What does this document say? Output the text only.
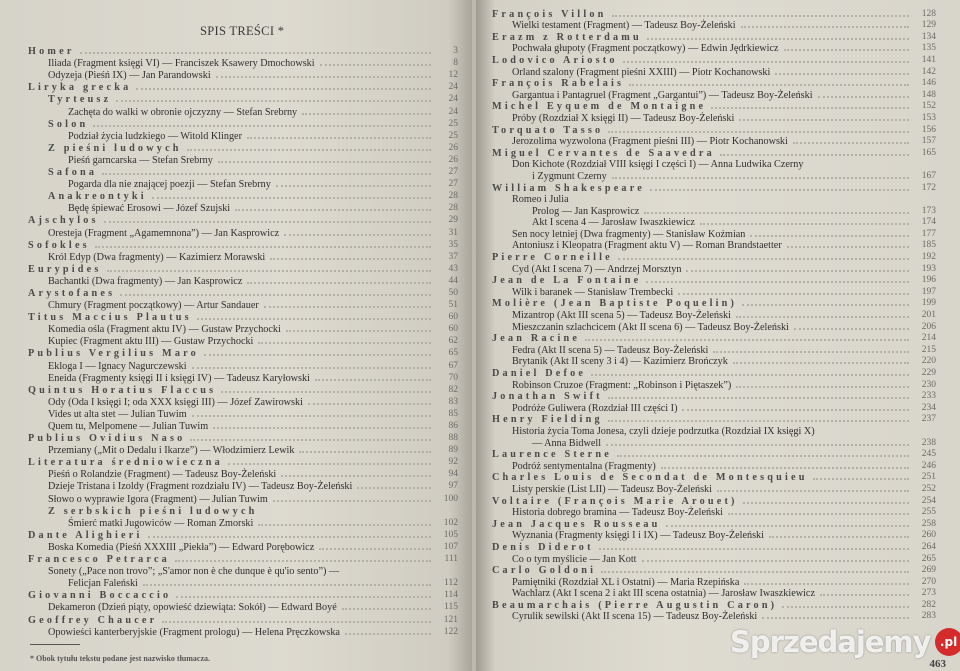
SPIS TREŚCI *
Homer	3
Iliada (Fragment księgi VI) — Franciszek Ksawery Dmochowski	8
Odyzeja (Pieśń IX) — Jan Parandowski	12
Liryka grecka	24
Tyrteusz	24
Zachęta do walki w obronie ojczyzny — Stefan Srebrny	24
Solon	25
Podział życia ludzkiego — Witold Klinger	25
Z pieśni ludowych	26
Pieśń garncarska — Stefan Srebrny	26
Safona	27
Pogarda dla nie znającej poezji — Stefan Srebrny	27
Anakreontyki	28
Będę śpiewać Erosowi — Józef Szujski	28
Ajschylos	29
Oresteja (Fragment „Agamemnona”) — Jan Kasprowicz	31
Sofokles	35
Król Edyp (Dwa fragmenty) — Kazimierz Morawski	37
Eurypides	43
Bachantki (Dwa fragmenty) — Jan Kasprowicz	44
Arystofanes	50
Chmury (Fragment początkowy) — Artur Sandauer	51
Titus Maccius Plautus	60
Komedia ośla (Fragment aktu IV) — Gustaw Przychocki	60
Kupiec (Fragment aktu III) — Gustaw Przychocki	62
Publius Vergilius Maro	65
Ekloga I — Ignacy Nagurczewski	67
Eneida (Fragmenty księgi II i księgi IV) — Tadeusz Karyłowski	70
Quintus Horatius Flaccus	82
Ody (Oda I księgi I; oda XXX księgi III) — Józef Zawirowski	83
Vides ut alta stet — Julian Tuwim	85
Quem tu, Melpomene — Julian Tuwim	86
Publius Ovidius Naso	88
Przemiany („Mit o Dedalu i Ikarze”) — Włodzimierz Lewik	89
Literatura średniowieczna	92
Pieśń o Rolandzie (Fragment) — Tadeusz Boy-Żeleński	94
Dzieje Tristana i Izoldy (Fragment rozdziału IV) — Tadeusz Boy-Żeleński	97
Słowo o wyprawie Igora (Fragment) — Julian Tuwim	100
Z serbskich pieśni ludowych
Śmierć matki Jugowiców — Roman Zmorski	102
Dante Alighieri	105
Boska Komedia (Pieśń XXXIII „Piekła”) — Edward Porębowicz	107
Francesco Petrarca	111
Sonety („Pace non trovo”; „S'amor non è che dunque è qu'io sento”) —
Felicjan Faleński	112
Giovanni Boccaccio	114
Dekameron (Dzień piąty, opowieść dziewiąta: Sokół) — Edward Boyé	115
Geoffrey Chaucer	121
Opowieści kanterberyjskie (Fragment prologu) — Helena Pręczkowska	122
* Obok tytułu tekstu podane jest nazwisko tłumacza.
François Villon	128
Wielki testament (Fragment) — Tadeusz Boy-Żeleński	129
Erazm z Rotterdamu	134
Pochwała głupoty (Fragment początkowy) — Edwin Jędrkiewicz	135
Lodovico Ariosto	141
Orland szalony (Fragment pieśni XXIII) — Piotr Kochanowski	142
François Rabelais	146
Gargantua i Pantagruel (Fragment „Gargantui”) — Tadeusz Boy-Żeleński	148
Michel Eyquem de Montaigne	152
Próby (Rozdział X księgi II) — Tadeusz Boy-Żeleński	153
Torquato Tasso	156
Jerozolima wyzwolona (Fragment pieśni III) — Piotr Kochanowski	157
Miguel Cervantes de Saavedra	165
Don Kichote (Rozdział VIII księgi I części I) — Anna Ludwika Czerny
i Zygmunt Czerny	167
William Shakespeare	172
Romeo i Julia
Prolog — Jan Kasprowicz	173
Akt I scena 4 — Jarosław Iwaszkiewicz	174
Sen nocy letniej (Dwa fragmenty) — Stanisław Koźmian	177
Antoniusz i Kleopatra (Fragment aktu V) — Roman Brandstaetter	185
Pierre Corneille	192
Cyd (Akt I scena 7) — Andrzej Morsztyn	193
Jean de La Fontaine	196
Wilk i baranek — Stanisław Trembecki	197
Molière (Jean Baptiste Poquelin)	199
Mizantrop (Akt III scena 5) — Tadeusz Boy-Żeleński	201
Mieszczanin szlachcicem (Akt II scena 6) — Tadeusz Boy-Żeleński	206
Jean Racine	214
Fedra (Akt II scena 5) — Tadeusz Boy-Żeleński	215
Brytanik (Akt II sceny 3 i 4) — Kazimierz Brończyk	220
Daniel Defoe	229
Robinson Cruzoe (Fragment: „Robinson i Piętaszek”)	230
Jonathan Swift	233
Podróże Guliwera (Rozdział III części I)	234
Henry Fielding	237
Historia życia Toma Jonesa, czyli dzieje podrzutka (Rozdział IX księgi X)
— Anna Bidwell	238
Laurence Sterne	245
Podróż sentymentalna (Fragmenty)	246
Charles Louis de Secondat de Montesquieu	251
Listy perskie (List LII) — Tadeusz Boy-Żeleński	252
Voltaire (François Marie Arouet)	254
Historia dobrego bramina — Tadeusz Boy-Żeleński	255
Jean Jacques Rousseau	258
Wyznania (Fragmenty księgi I i IX) — Tadeusz Boy-Żeleński	260
Denis Diderot	264
Co o tym myślicie — Jan Kott	265
Carlo Goldoni	269
Pamiętniki (Rozdział XL i Ostatni) — Maria Rzepińska	270
Wachlarz (Akt I scena 2 i akt III scena ostatnia) — Jarosław Iwaszkiewicz	273
Beaumarchais (Pierre Augustin Caron)	282
Cyrulik sewilski (Akt II scena 15) — Tadeusz Boy-Żeleński	283
463
Sprzedajemy .pl
